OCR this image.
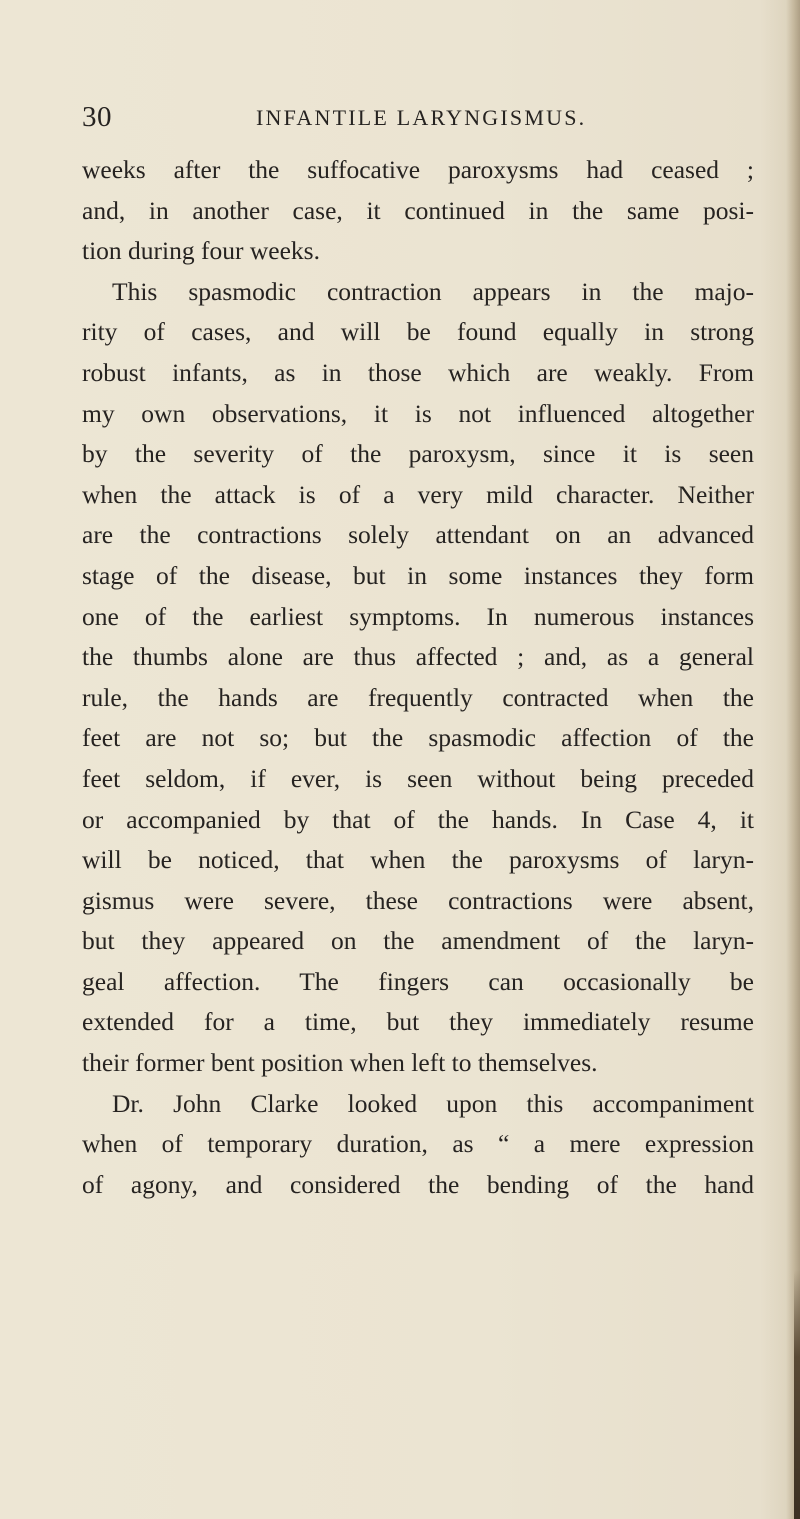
30	INFANTILE LARYNGISMUS.
weeks after the suffocative paroxysms had ceased ;
and, in another case, it continued in the same posi-
tion during four weeks.
This spasmodic contraction appears in the majo-
rity of cases, and will be found equally in strong
robust infants, as in those which are weakly. From
my own observations, it is not influenced altogether
by the severity of the paroxysm, since it is seen
when the attack is of a very mild character. Neither
are the contractions solely attendant on an advanced
stage of the disease, but in some instances they form
one of the earliest symptoms. In numerous instances
the thumbs alone are thus affected ; and, as a general
rule, the hands are frequently contracted when the
feet are not so; but the spasmodic affection of the
feet seldom, if ever, is seen without being preceded
or accompanied by that of the hands. In Case 4, it
will be noticed, that when the paroxysms of laryn-
gismus were severe, these contractions were absent,
but they appeared on the amendment of the laryn-
geal affection. The fingers can occasionally be
extended for a time, but they immediately resume
their former bent position when left to themselves.
Dr. John Clarke looked upon this accompaniment
when of temporary duration, as “ a mere expression
of agony, and considered the bending of the hand
